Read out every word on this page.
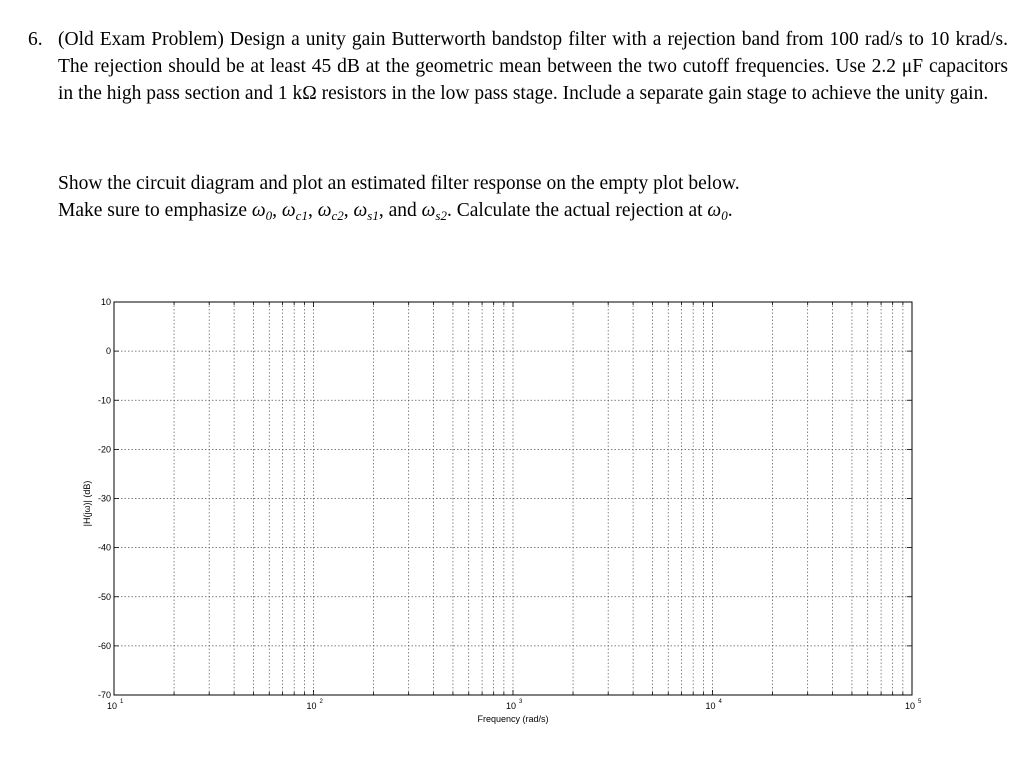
6. (Old Exam Problem) Design a unity gain Butterworth bandstop filter with a rejection band from 100 rad/s to 10 krad/s. The rejection should be at least 45 dB at the geometric mean between the two cutoff frequencies. Use 2.2 μF capacitors in the high pass section and 1 kΩ resistors in the low pass stage. Include a separate gain stage to achieve the unity gain.
Show the circuit diagram and plot an estimated filter response on the empty plot below.
Make sure to emphasize $\omega_0$, $\omega_{c1}$, $\omega_{c2}$, $\omega_{s1}$, and $\omega_{s2}$. Calculate the actual rejection at $\omega_0$.
10
0
-10
-20
-30
-40
-50
-60
-70
10 1	10 2	10 3	10 4	10 5
Frequency (rad/s)
|H(jω)| (dB)
